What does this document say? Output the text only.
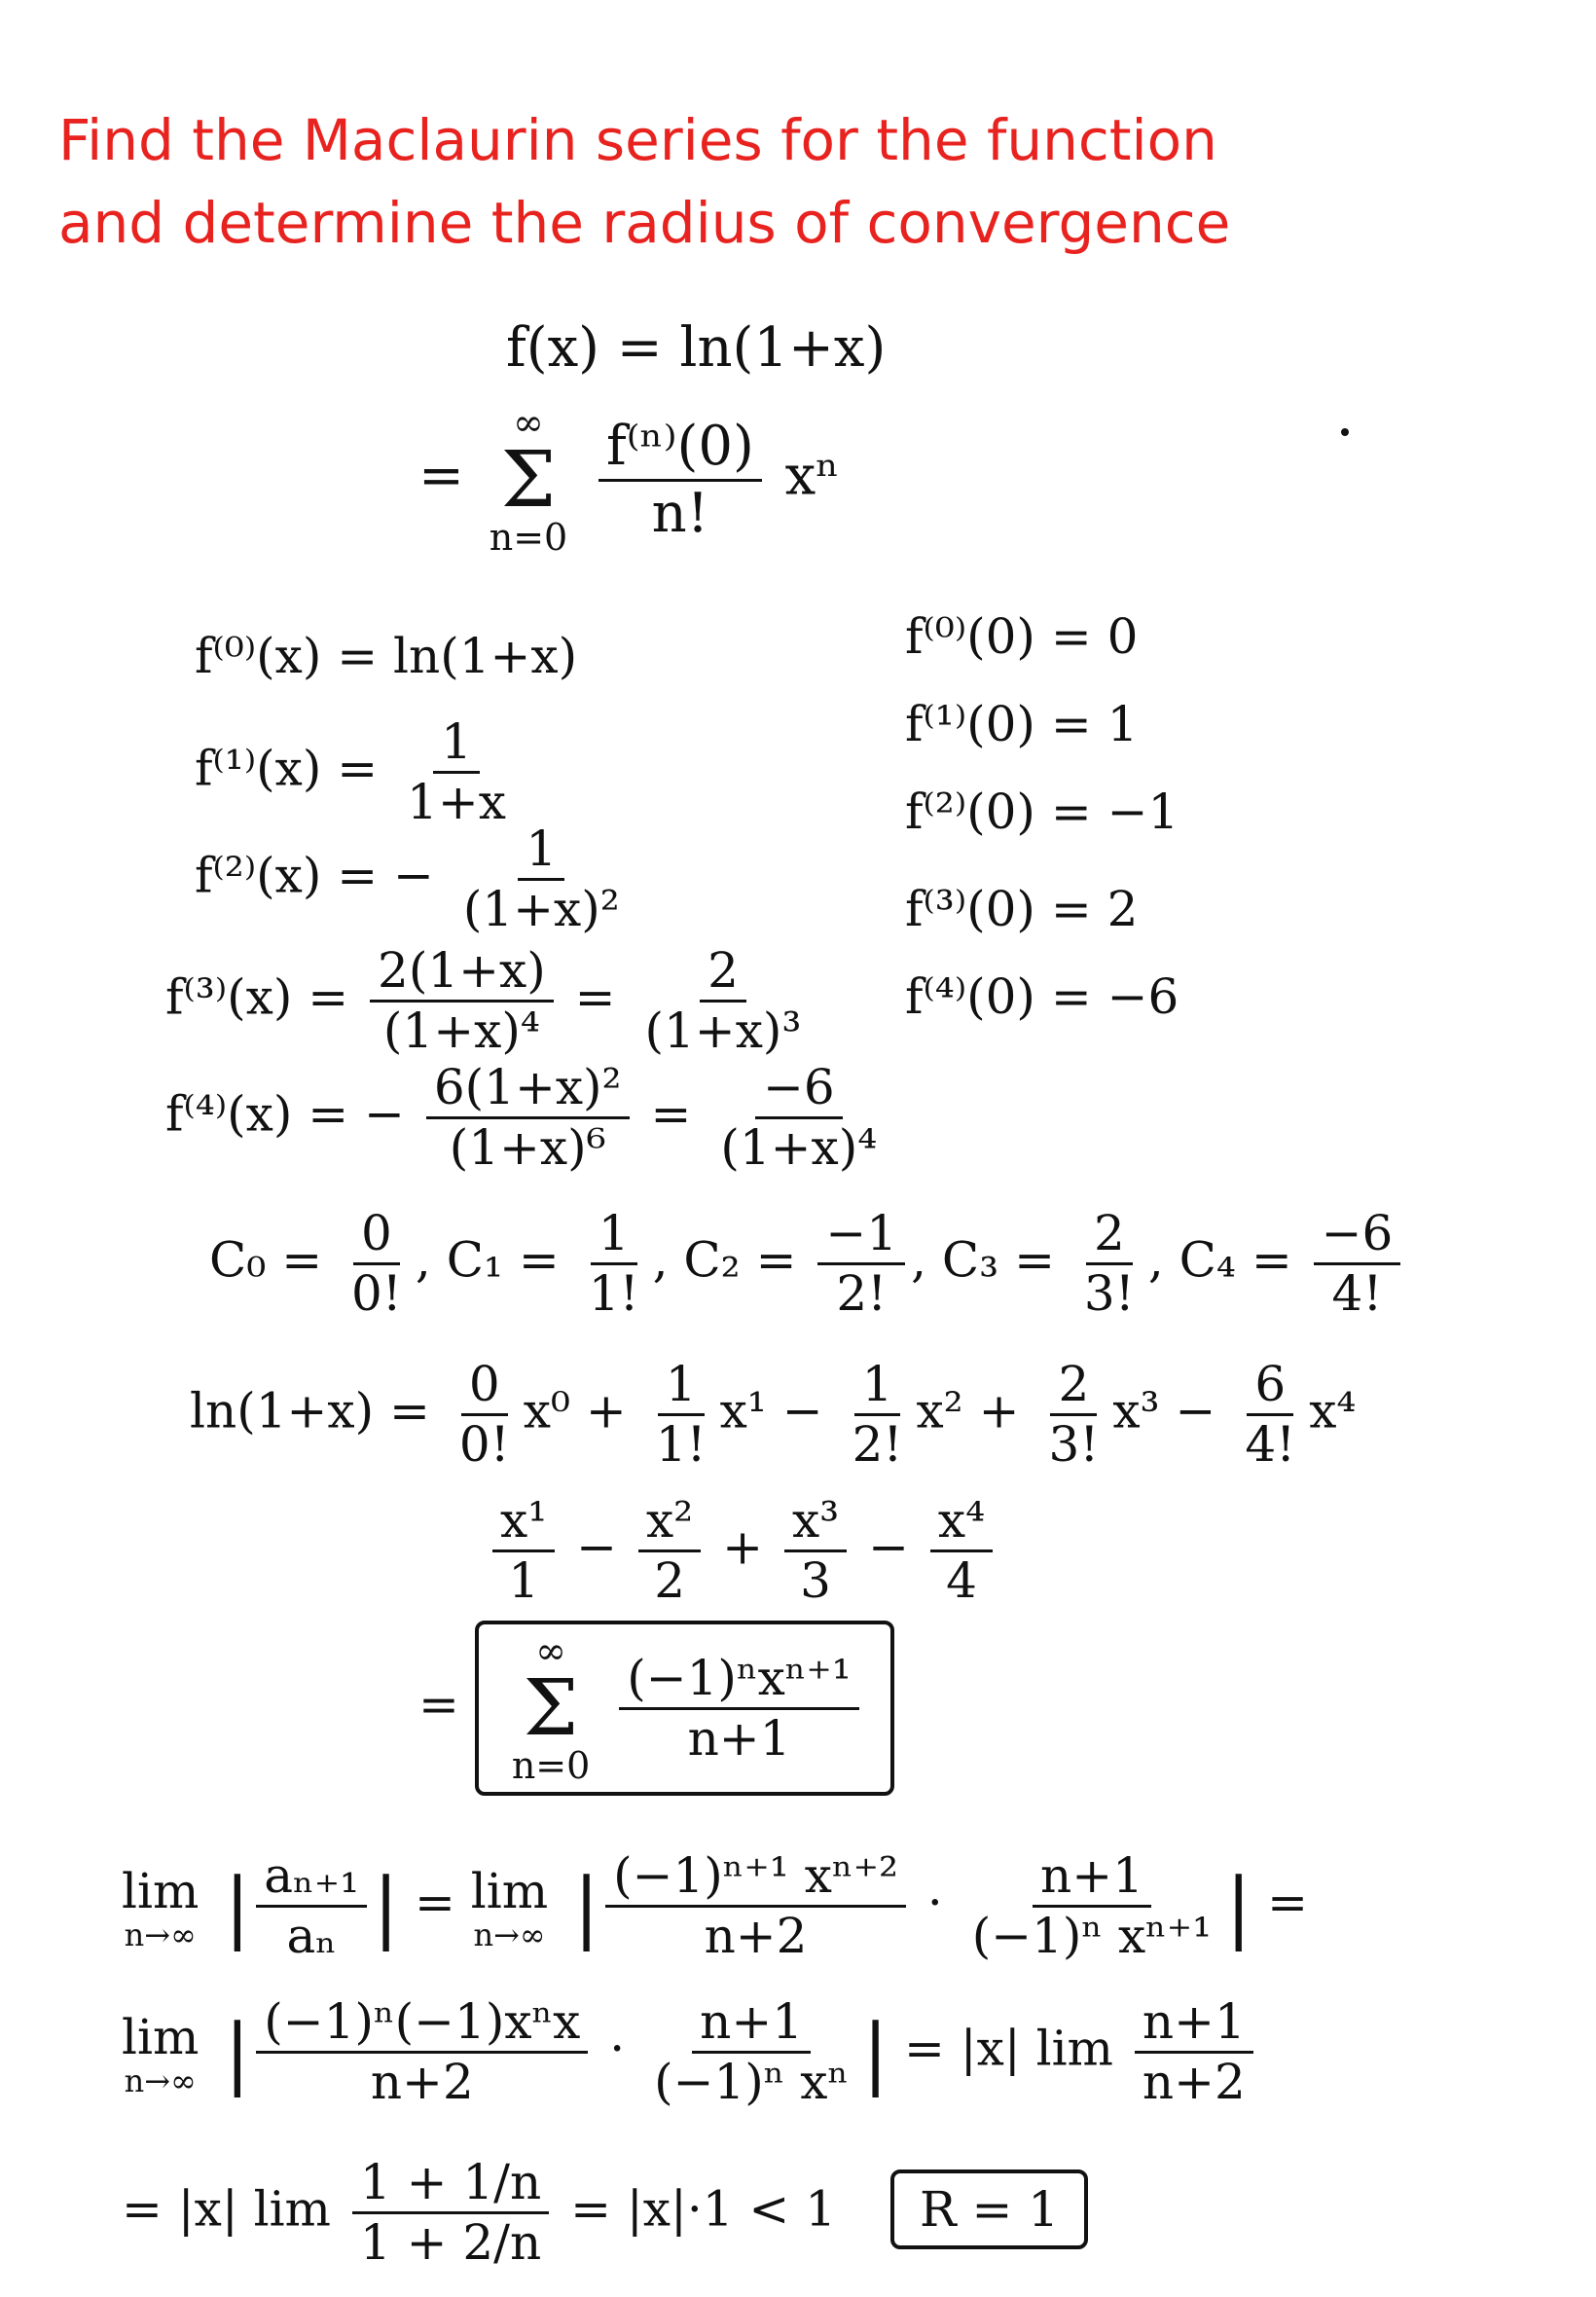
Find the Maclaurin series for the function
and determine the radius of convergence
f(x) = ln(1+x)
=
∞
Σ
n=0
$\frac{\text{f⁽ⁿ⁾(0)}}{n!}$ xⁿ
f⁽⁰⁾(x) = ln(1+x)
$f^{(1)}(x) = \frac{1}{1+x}$
f⁽²⁾(x) = − $\frac{1}{\text{(1+x)²}}$
$f^{(3)}(x) = \frac{2(1+x)}{\text{(1+x)⁴}} = \frac{2}{\text{(1+x)³}}$
f⁽⁴⁾(x) = − $\frac{\text{6(1+x)²}}{\text{(1+x)⁶}} = \frac{-6}{\text{(1+x)⁴}}$
f⁽⁰⁾(0) = 0
f⁽¹⁾(0) = 1
f⁽²⁾(0) = −1
f⁽³⁾(0) = 2
f⁽⁴⁾(0) = −6
$C_0 = \frac{0}{0!}$ , $C_1 = \frac{1}{1!}$ , $C_2 = \frac{-1}{2!}$ , $C_3 = \frac{2}{3!}$ , $C_4 = \frac{-6}{4!}$
$\ln(1+x) = \frac{0}{0!} x^0 + \frac{1}{1!} x^1 - \frac{1}{2!} x^2 + \frac{2}{3!} x^3 - \frac{6}{4!} x^4$
$\frac{\text{x¹}}{1} - \frac{\text{x²}}{2} + \frac{\text{x³}}{3} - \frac{\text{x⁴}}{4}$
=
∞
Σ
n=0

$\frac{\text{(−1)ⁿxⁿ⁺¹}}{n+1}$
lim
n→∞ | $\frac{\text{aₙ₊₁}}{\text{aₙ}}$ | = lim
n→∞ | $\frac{\text{(−1)ⁿ⁺¹ xⁿ⁺²}}{n+2} \cdot \frac{n+1}{\text{(−1)ⁿ xⁿ⁺¹}}$ | =
lim
n→∞ | $\frac{\text{(−1)ⁿ(−1)xⁿx}}{n+2} \cdot \frac{n+1}{\text{(−1)ⁿ xⁿ}}$ | = |x| $\lim \frac{n+1}{n+2}$
= |x| $\lim \frac{1 + 1/n}{1 + 2/n} = |x|\cdot 1 < 1$ R = 1
